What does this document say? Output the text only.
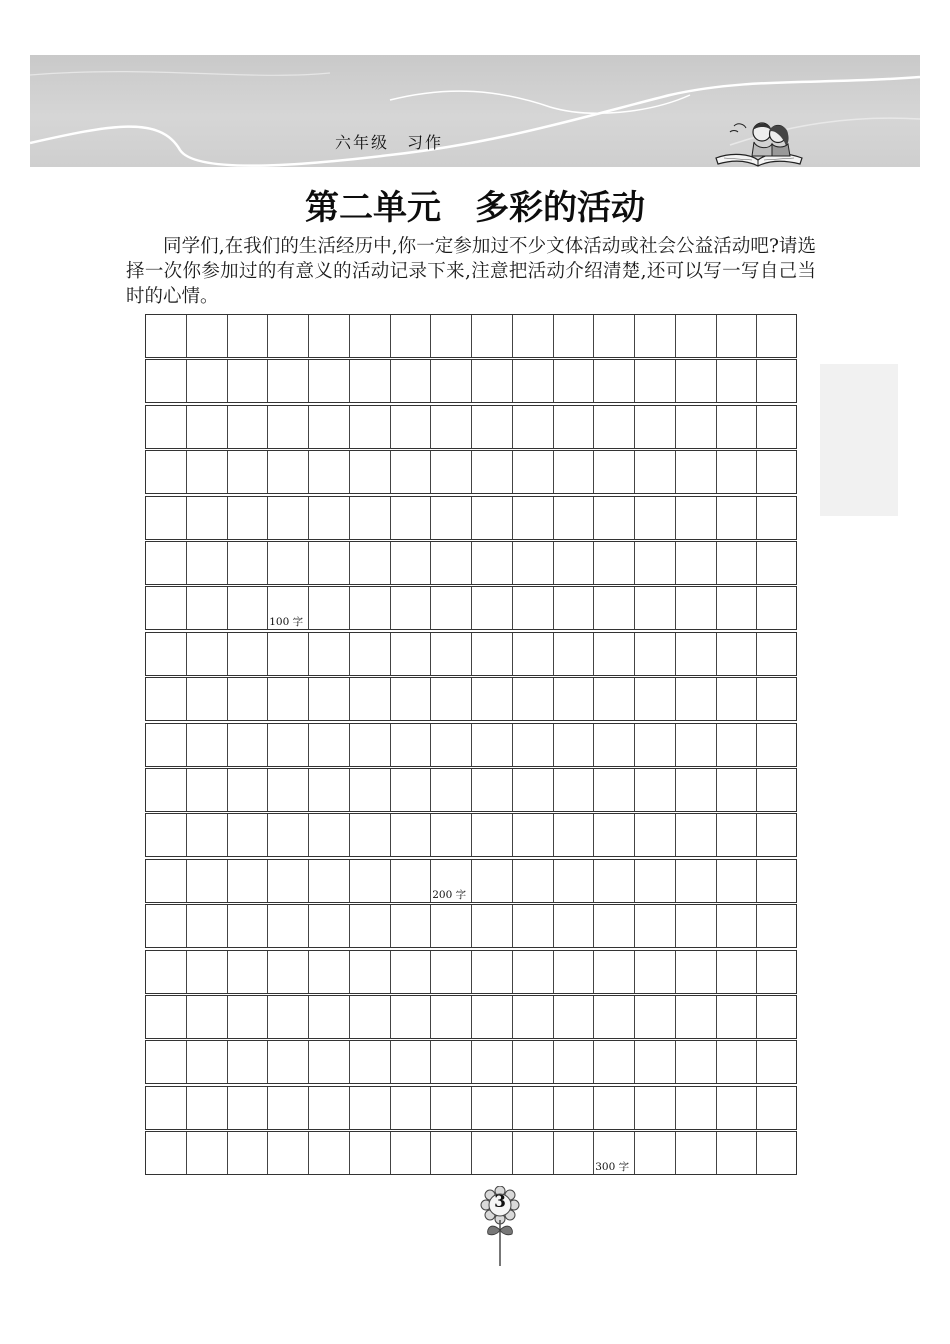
六年级　习作
第二单元　多彩的活动
同学们,在我们的生活经历中,你一定参加过不少文体活动或社会公益活动吧?请选择一次你参加过的有意义的活动记录下来,注意把活动介绍清楚,还可以写一写自己当时的心情。
100 字
200 字
300 字
3
